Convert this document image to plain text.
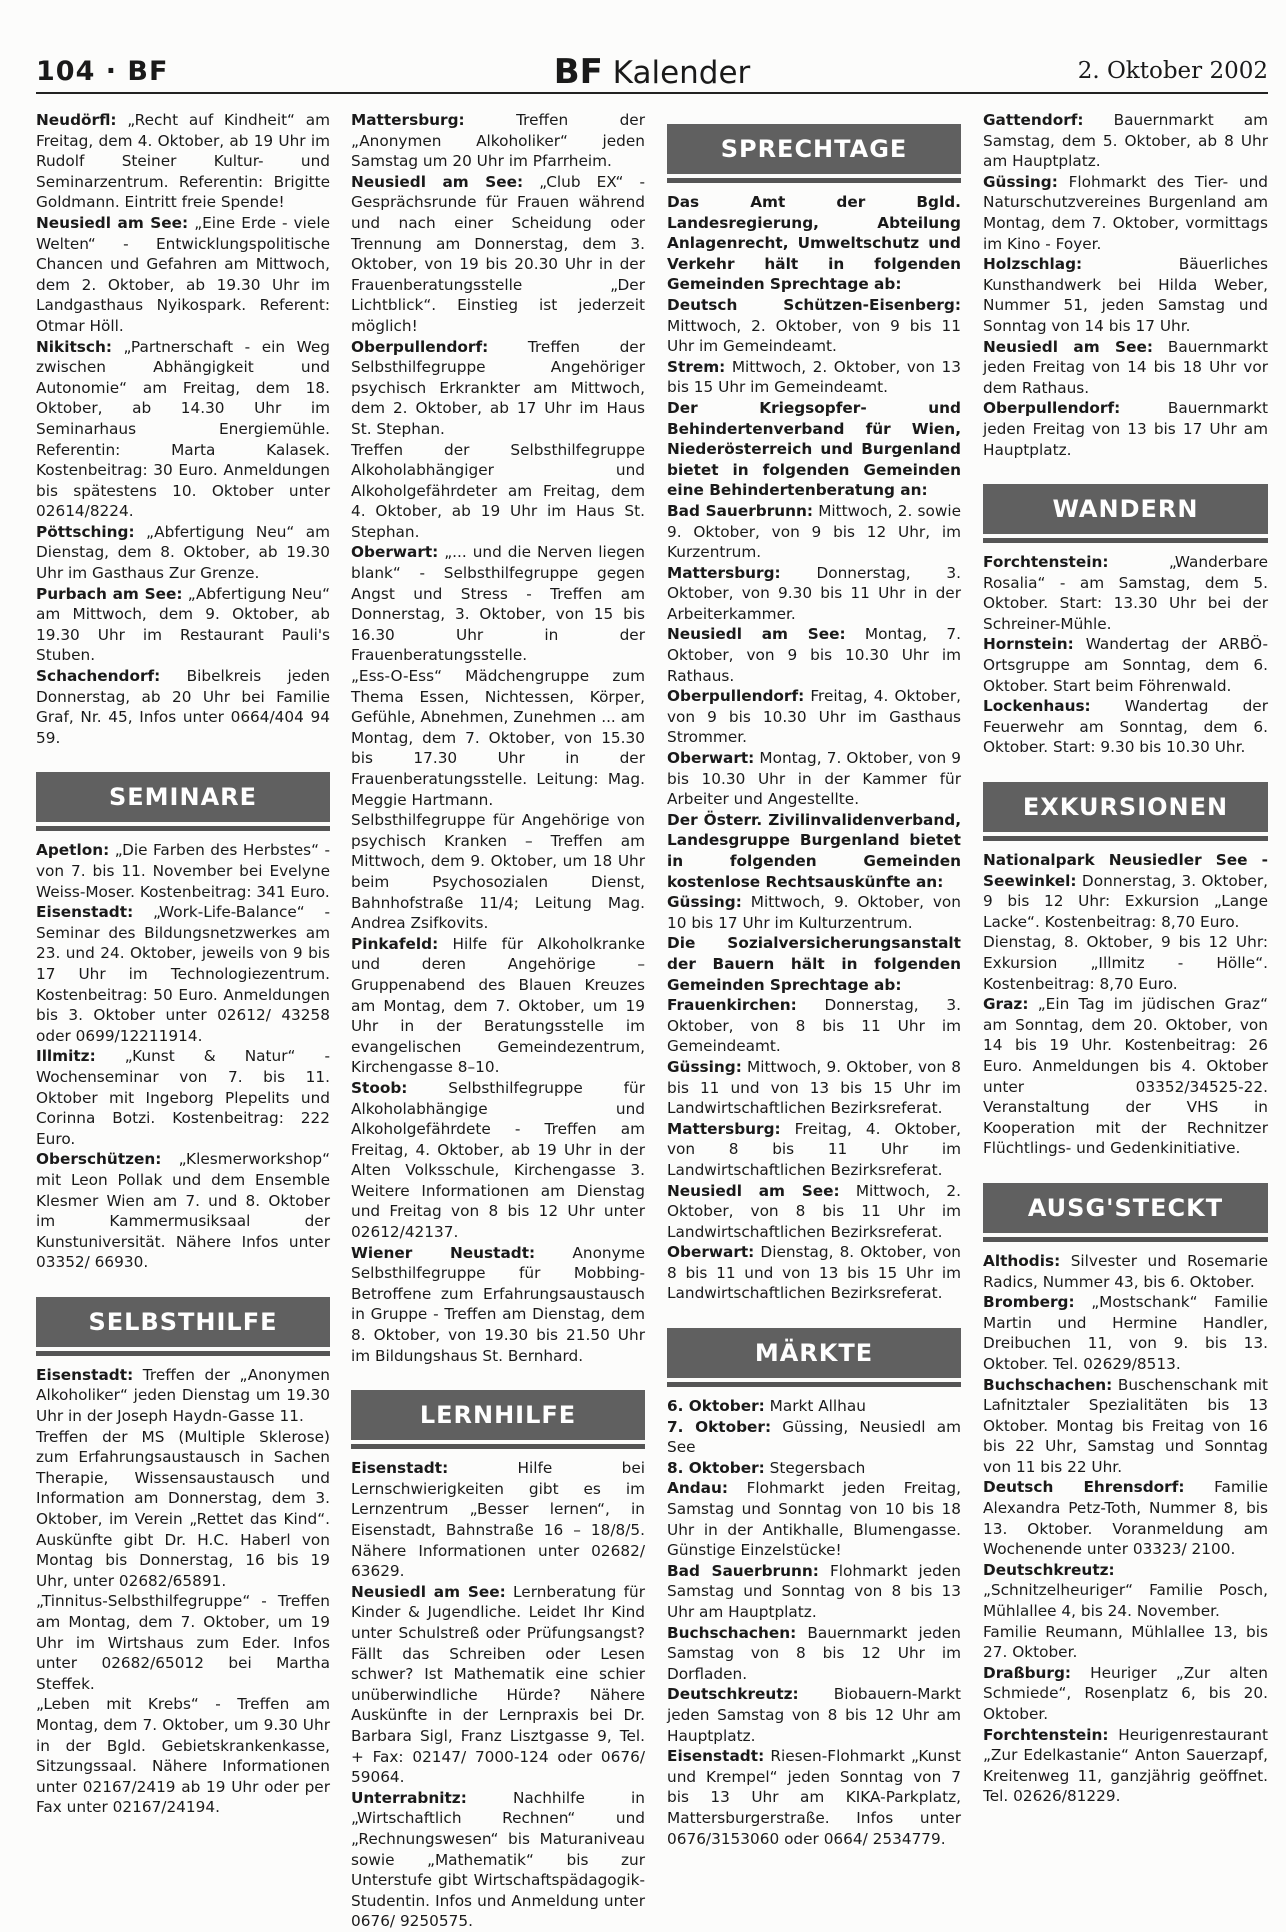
104 · BF	BF Kalender	2. Oktober 2002

Neudörfl: „Recht auf Kindheit“ am Freitag, dem 4. Oktober, ab 19 Uhr im Rudolf Steiner Kultur- und Seminarzentrum. Referentin: Brigitte Goldmann. Eintritt freie Spende!

Neusiedl am See: „Eine Erde - viele Welten“ - Entwicklungspolitische Chancen und Gefahren am Mittwoch, dem 2. Oktober, ab 19.30 Uhr im Landgasthaus Nyikospark. Referent: Otmar Höll.

Nikitsch: „Partnerschaft - ein Weg zwischen Abhängigkeit und Autonomie“ am Freitag, dem 18. Oktober, ab 14.30 Uhr im Seminarhaus Energiemühle. Referentin: Marta Kalasek. Kostenbeitrag: 30 Euro. Anmeldungen bis spätestens 10. Oktober unter 02614/8224.

Pöttsching: „Abfertigung Neu“ am Dienstag, dem 8. Oktober, ab 19.30 Uhr im Gasthaus Zur Grenze.

Purbach am See: „Abfertigung Neu“ am Mittwoch, dem 9. Oktober, ab 19.30 Uhr im Restaurant Pauli's Stuben.

Schachendorf: Bibelkreis jeden Donnerstag, ab 20 Uhr bei Familie Graf, Nr. 45, Infos unter 0664/404 94 59.

SEMINARE

Apetlon: „Die Farben des Herbstes“ - von 7. bis 11. November bei Evelyne Weiss-Moser. Kostenbeitrag: 341 Euro.

Eisenstadt: „Work-Life-Balance“ - Seminar des Bildungsnetzwerkes am 23. und 24. Oktober, jeweils von 9 bis 17 Uhr im Technologiezentrum. Kostenbeitrag: 50 Euro. Anmeldungen bis 3. Oktober unter 02612/ 43258 oder 0699/12211914.

Illmitz: „Kunst & Natur“ - Wochenseminar von 7. bis 11. Oktober mit Ingeborg Plepelits und Corinna Botzi. Kostenbeitrag: 222 Euro.

Oberschützen: „Klesmerworkshop“ mit Leon Pollak und dem Ensemble Klesmer Wien am 7. und 8. Oktober im Kammermusiksaal der Kunstuniversität. Nähere Infos unter 03352/ 66930.

SELBSTHILFE

Eisenstadt: Treffen der „Anonymen Alkoholiker“ jeden Dienstag um 19.30 Uhr in der Joseph Haydn-Gasse 11.

Treffen der MS (Multiple Sklerose) zum Erfahrungsaustausch in Sachen Therapie, Wissensaustausch und Information am Donnerstag, dem 3. Oktober, im Verein „Rettet das Kind“. Auskünfte gibt Dr. H.C. Haberl von Montag bis Donnerstag, 16 bis 19 Uhr, unter 02682/65891.

„Tinnitus-Selbsthilfegruppe“ - Treffen am Montag, dem 7. Oktober, um 19 Uhr im Wirtshaus zum Eder. Infos unter 02682/65012 bei Martha Steffek.

„Leben mit Krebs“ - Treffen am Montag, dem 7. Oktober, um 9.30 Uhr in der Bgld. Gebietskrankenkasse, Sitzungssaal. Nähere Informationen unter 02167/2419 ab 19 Uhr oder per Fax unter 02167/24194.

Mattersburg: Treffen der „Anonymen Alkoholiker“ jeden Samstag um 20 Uhr im Pfarrheim.

Neusiedl am See: „Club EX“ - Gesprächsrunde für Frauen während und nach einer Scheidung oder Trennung am Donnerstag, dem 3. Oktober, von 19 bis 20.30 Uhr in der Frauenberatungsstelle „Der Lichtblick“. Einstieg ist jederzeit möglich!

Oberpullendorf: Treffen der Selbsthilfegruppe Angehöriger psychisch Erkrankter am Mittwoch, dem 2. Oktober, ab 17 Uhr im Haus St. Stephan.

Treffen der Selbsthilfegruppe Alkoholabhängiger und Alkoholgefährdeter am Freitag, dem 4. Oktober, ab 19 Uhr im Haus St. Stephan.

Oberwart: „... und die Nerven liegen blank“ - Selbsthilfegruppe gegen Angst und Stress - Treffen am Donnerstag, 3. Oktober, von 15 bis 16.30 Uhr in der Frauenberatungsstelle.

„Ess-O-Ess“ Mädchengruppe zum Thema Essen, Nichtessen, Körper, Gefühle, Abnehmen, Zunehmen ... am Montag, dem 7. Oktober, von 15.30 bis 17.30 Uhr in der Frauenberatungsstelle. Leitung: Mag. Meggie Hartmann.

Selbsthilfegruppe für Angehörige von psychisch Kranken – Treffen am Mittwoch, dem 9. Oktober, um 18 Uhr beim Psychosozialen Dienst, Bahnhofstraße 11/4; Leitung Mag. Andrea Zsifkovits.

Pinkafeld: Hilfe für Alkoholkranke und deren Angehörige – Gruppenabend des Blauen Kreuzes am Montag, dem 7. Oktober, um 19 Uhr in der Beratungsstelle im evangelischen Gemeindezentrum, Kirchengasse 8–10.

Stoob: Selbsthilfegruppe für Alkoholabhängige und Alkoholgefährdete - Treffen am Freitag, 4. Oktober, ab 19 Uhr in der Alten Volksschule, Kirchengasse 3. Weitere Informationen am Dienstag und Freitag von 8 bis 12 Uhr unter 02612/42137.

Wiener Neustadt: Anonyme Selbsthilfegruppe für Mobbing-Betroffene zum Erfahrungsaustausch in Gruppe - Treffen am Dienstag, dem 8. Oktober, von 19.30 bis 21.50 Uhr im Bildungshaus St. Bernhard.

LERNHILFE

Eisenstadt: Hilfe bei Lernschwierigkeiten gibt es im Lernzentrum „Besser lernen“, in Eisenstadt, Bahnstraße 16 – 18/8/5. Nähere Informationen unter 02682/ 63629.

Neusiedl am See: Lernberatung für Kinder & Jugendliche. Leidet Ihr Kind unter Schulstreß oder Prüfungsangst? Fällt das Schreiben oder Lesen schwer? Ist Mathematik eine schier unüberwindliche Hürde? Nähere Auskünfte in der Lernpraxis bei Dr. Barbara Sigl, Franz Lisztgasse 9, Tel. + Fax: 02147/ 7000-124 oder 0676/ 59064.

Unterrabnitz: Nachhilfe in „Wirtschaftlich Rechnen“ und „Rechnungswesen“ bis Maturaniveau sowie „Mathematik“ bis zur Unterstufe gibt Wirtschaftspädagogik-Studentin. Infos und Anmeldung unter 0676/ 9250575.

SPRECHTAGE

Das Amt der Bgld. Landesregierung, Abteilung Anlagenrecht, Umweltschutz und Verkehr hält in folgenden Gemeinden Sprechtage ab:

Deutsch Schützen-Eisenberg: Mittwoch, 2. Oktober, von 9 bis 11 Uhr im Gemeindeamt.

Strem: Mittwoch, 2. Oktober, von 13 bis 15 Uhr im Gemeindeamt.

Der Kriegsopfer- und Behindertenverband für Wien, Niederösterreich und Burgenland bietet in folgenden Gemeinden eine Behindertenberatung an:

Bad Sauerbrunn: Mittwoch, 2. sowie 9. Oktober, von 9 bis 12 Uhr, im Kurzentrum.

Mattersburg: Donnerstag, 3. Oktober, von 9.30 bis 11 Uhr in der Arbeiterkammer.

Neusiedl am See: Montag, 7. Oktober, von 9 bis 10.30 Uhr im Rathaus.

Oberpullendorf: Freitag, 4. Oktober, von 9 bis 10.30 Uhr im Gasthaus Strommer.

Oberwart: Montag, 7. Oktober, von 9 bis 10.30 Uhr in der Kammer für Arbeiter und Angestellte.

Der Österr. Zivilinvalidenverband, Landesgruppe Burgenland bietet in folgenden Gemeinden kostenlose Rechtsauskünfte an:

Güssing: Mittwoch, 9. Oktober, von 10 bis 17 Uhr im Kulturzentrum.

Die Sozialversicherungsanstalt der Bauern hält in folgenden Gemeinden Sprechtage ab:

Frauenkirchen: Donnerstag, 3. Oktober, von 8 bis 11 Uhr im Gemeindeamt.

Güssing: Mittwoch, 9. Oktober, von 8 bis 11 und von 13 bis 15 Uhr im Landwirtschaftlichen Bezirksreferat.

Mattersburg: Freitag, 4. Oktober, von 8 bis 11 Uhr im Landwirtschaftlichen Bezirksreferat.

Neusiedl am See: Mittwoch, 2. Oktober, von 8 bis 11 Uhr im Landwirtschaftlichen Bezirksreferat.

Oberwart: Dienstag, 8. Oktober, von 8 bis 11 und von 13 bis 15 Uhr im Landwirtschaftlichen Bezirksreferat.

MÄRKTE

6. Oktober: Markt Allhau

7. Oktober: Güssing, Neusiedl am See

8. Oktober: Stegersbach

Andau: Flohmarkt jeden Freitag, Samstag und Sonntag von 10 bis 18 Uhr in der Antikhalle, Blumengasse. Günstige Einzelstücke!

Bad Sauerbrunn: Flohmarkt jeden Samstag und Sonntag von 8 bis 13 Uhr am Hauptplatz.

Buchschachen: Bauernmarkt jeden Samstag von 8 bis 12 Uhr im Dorfladen.

Deutschkreutz: Biobauern-Markt jeden Samstag von 8 bis 12 Uhr am Hauptplatz.

Eisenstadt: Riesen-Flohmarkt „Kunst und Krempel“ jeden Sonntag von 7 bis 13 Uhr am KIKA-Parkplatz, Mattersburgerstraße. Infos unter 0676/3153060 oder 0664/ 2534779.

Gattendorf: Bauernmarkt am Samstag, dem 5. Oktober, ab 8 Uhr am Hauptplatz.

Güssing: Flohmarkt des Tier- und Naturschutzvereines Burgenland am Montag, dem 7. Oktober, vormittags im Kino - Foyer.

Holzschlag: Bäuerliches Kunsthandwerk bei Hilda Weber, Nummer 51, jeden Samstag und Sonntag von 14 bis 17 Uhr.

Neusiedl am See: Bauernmarkt jeden Freitag von 14 bis 18 Uhr vor dem Rathaus.

Oberpullendorf: Bauernmarkt jeden Freitag von 13 bis 17 Uhr am Hauptplatz.

WANDERN

Forchtenstein: „Wanderbare Rosalia“ - am Samstag, dem 5. Oktober. Start: 13.30 Uhr bei der Schreiner-Mühle.

Hornstein: Wandertag der ARBÖ-Ortsgruppe am Sonntag, dem 6. Oktober. Start beim Föhrenwald.

Lockenhaus: Wandertag der Feuerwehr am Sonntag, dem 6. Oktober. Start: 9.30 bis 10.30 Uhr.

EXKURSIONEN

Nationalpark Neusiedler See - Seewinkel: Donnerstag, 3. Oktober, 9 bis 12 Uhr: Exkursion „Lange Lacke“. Kostenbeitrag: 8,70 Euro.

Dienstag, 8. Oktober, 9 bis 12 Uhr: Exkursion „Illmitz - Hölle“. Kostenbeitrag: 8,70 Euro.

Graz: „Ein Tag im jüdischen Graz“ am Sonntag, dem 20. Oktober, von 14 bis 19 Uhr. Kostenbeitrag: 26 Euro. Anmeldungen bis 4. Oktober unter 03352/34525-22. Veranstaltung der VHS in Kooperation mit der Rechnitzer Flüchtlings- und Gedenkinitiative.

AUSG'STECKT

Althodis: Silvester und Rosemarie Radics, Nummer 43, bis 6. Oktober.

Bromberg: „Mostschank“ Familie Martin und Hermine Handler, Dreibuchen 11, von 9. bis 13. Oktober. Tel. 02629/8513.

Buchschachen: Buschenschank mit Lafnitztaler Spezialitäten bis 13 Oktober. Montag bis Freitag von 16 bis 22 Uhr, Samstag und Sonntag von 11 bis 22 Uhr.

Deutsch Ehrensdorf: Familie Alexandra Petz-Toth, Nummer 8, bis 13. Oktober. Voranmeldung am Wochenende unter 03323/ 2100.

Deutschkreutz: „Schnitzelheuriger“ Familie Posch, Mühlallee 4, bis 24. November.

Familie Reumann, Mühlallee 13, bis 27. Oktober.

Draßburg: Heuriger „Zur alten Schmiede“, Rosenplatz 6, bis 20. Oktober.

Forchtenstein: Heurigenrestaurant „Zur Edelkastanie“ Anton Sauerzapf, Kreitenweg 11, ganzjährig geöffnet. Tel. 02626/81229.
